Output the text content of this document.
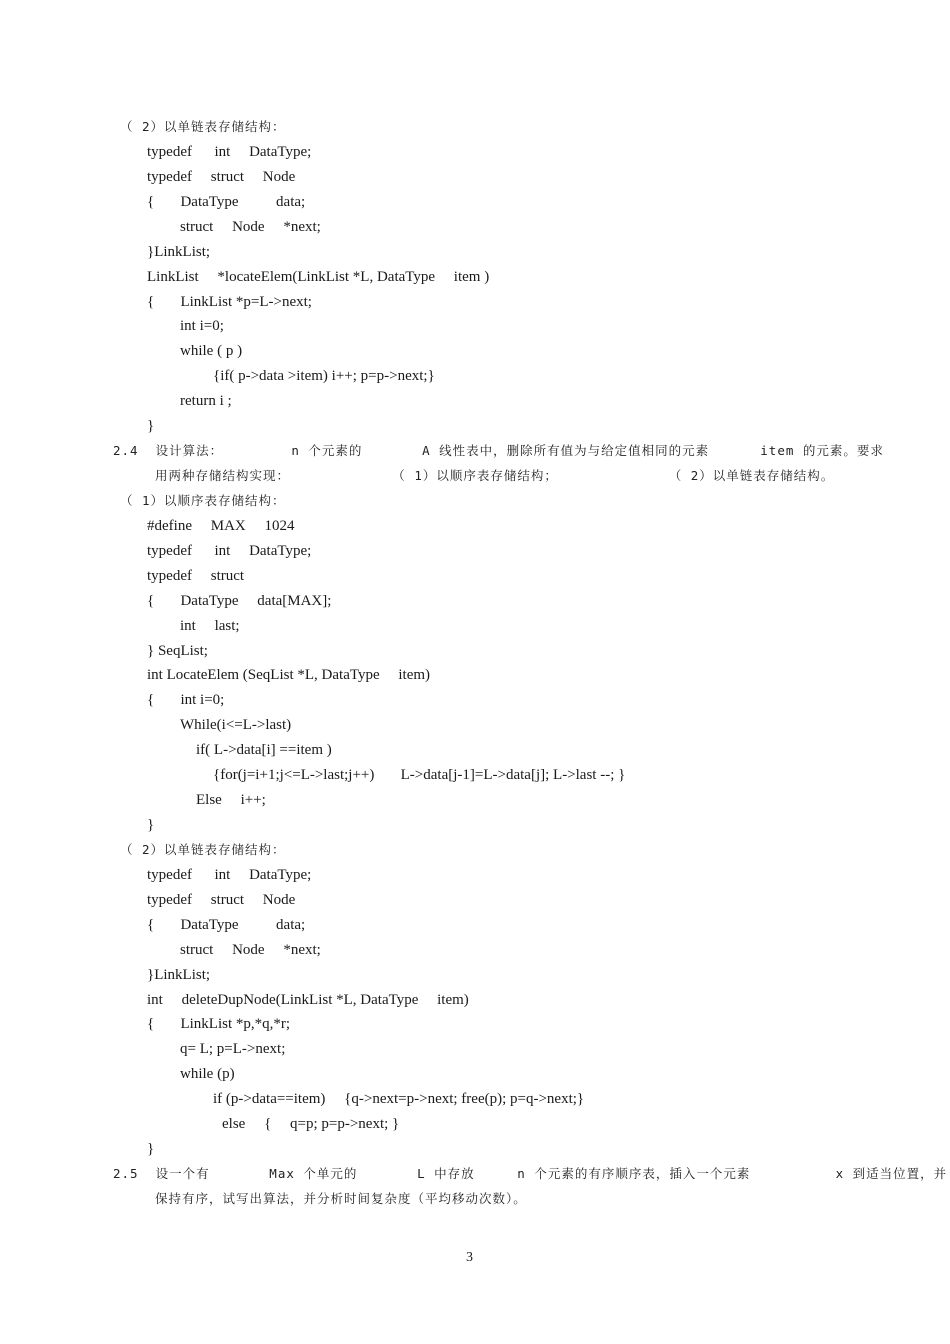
（ 2）以单链表存储结构：
typedef      int     DataType;
typedef     struct     Node
{       DataType          data;
struct     Node     *next;
}LinkList;
LinkList     *locateElem(LinkList *L, DataType     item )
{       LinkList *p=L->next;
int i=0;
while ( p )
{if( p->data >item) i++; p=p->next;}
return i ;
}
2.4  设计算法：        n 个元素的       A 线性表中，删除所有值为与给定值相同的元素      item 的元素。要求
用两种存储结构实现：            （ 1）以顺序表存储结构；             （ 2）以单链表存储结构。
（ 1）以顺序表存储结构：
#define     MAX     1024
typedef      int     DataType;
typedef     struct
{       DataType     data[MAX];
int     last;
} SeqList;
int LocateElem (SeqList *L, DataType     item)
{       int i=0;
While(i<=L->last)
if( L->data[i] ==item )
{for(j=i+1;j<=L->last;j++)       L->data[j-1]=L->data[j]; L->last --; }
Else     i++;
}
（ 2）以单链表存储结构：
typedef      int     DataType;
typedef     struct     Node
{       DataType          data;
struct     Node     *next;
}LinkList;
int     deleteDupNode(LinkList *L, DataType     item)
{       LinkList *p,*q,*r;
q= L; p=L->next;
while (p)
if (p->data==item)     {q->next=p->next; free(p); p=q->next;}
else     {     q=p; p=p->next; }
}
2.5  设一个有       Max 个单元的       L 中存放     n 个元素的有序顺序表，插入一个元素          x 到适当位置，并
保持有序，试写出算法，并分析时间复杂度（平均移动次数）。
3
